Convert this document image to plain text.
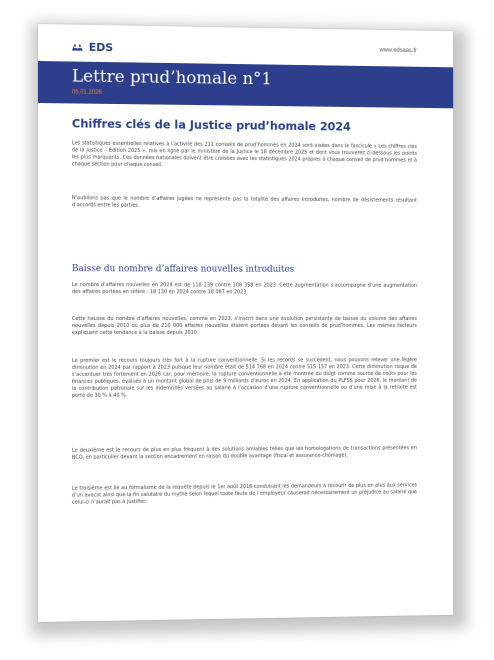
EDS	www.edsaas.fr
Lettre prud’homale n°1
05.01.2026
Chiffres clés de la Justice prud’homale 2024

Les statistiques essentielles relatives à l’activité des 211 conseils de prud’hommes en 2024 sont visées dans le fascicule « Les chiffres clés de la justice – Édition 2025 », mis en ligne par le ministère de la Justice le 18 décembre 2025 et dont vous trouverez ci-dessous les points les plus marquants. Ces données nationales doivent être croisées avec les statistiques 2024 propres à chaque conseil de prud’hommes et à chaque section pour chaque conseil.

N’oublions pas que le nombre d’affaires jugées ne représente pas la totalité des affaires introduites, nombre de désistements résultant d’accords entre les parties.

Baisse du nombre d’affaires nouvelles introduites

Le nombre d’affaires nouvelles en 2024 est de 118 239 contre 108 358 en 2023. Cette augmentation s’accompagne d’une augmentation des affaires portées en référé : 18 130 en 2024 contre 18 087 en 2023.

Cette hausse du nombre d’affaires nouvelles, comme en 2023, s’inscrit dans une évolution persistante de baisse du volume des affaires nouvelles depuis 2010 où plus de 210 000 affaires nouvelles étaient portées devant les conseils de prud’hommes. Les mêmes facteurs expliquent cette tendance à la baisse depuis 2010.

Le premier est le recours toujours très fort à la rupture conventionnelle. Si les records se succèdent, nous pouvons relever une légère diminution en 2024 par rapport à 2023 puisque leur nombre était de 514 768 en 2024 contre 515 157 en 2023. Cette diminution risque de s’accentuer très fortement en 2026 car, pour mémoire, la rupture conventionnelle a été montrée du doigt comme source de coûts pour les finances publiques, évalués à un montant global de plus de 9 milliards d’euros en 2024. En application du PLFSS pour 2026, le montant de la contribution patronale sur les indemnités versées au salarié à l’occasion d’une rupture conventionnelle ou d’une mise à la retraite est porté de 30 % à 40 %.

Le deuxième est le recours de plus en plus fréquent à des solutions amiables telles que les homologations de transactions présentées en BCO, en particulier devant la section encadrement en raison du double avantage (fiscal et assurance-chômage).

Le troisième est lié au formalisme de la requête depuis le 1er août 2016 conduisant les demandeurs à recourir de plus en plus aux services d’un avocat ainsi que la fin salutaire du mythe selon lequel toute faute de l’employeur causerait nécessairement un préjudice au salarié que celui-ci n’aurait pas à justifier.
